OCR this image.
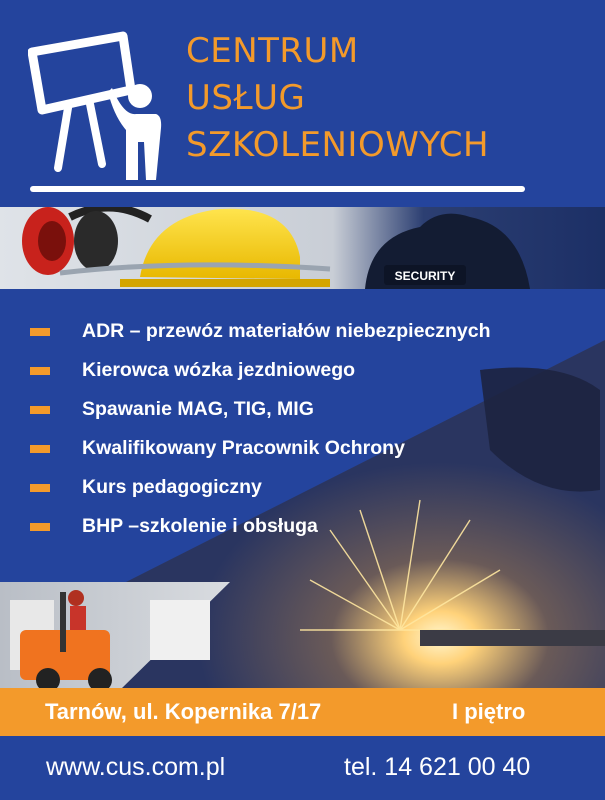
CENTRUM
USŁUG
SZKOLENIOWYCH
SECURITY
ADR – przewóz materiałów niebezpiecznych
Kierowca wózka jezdniowego
Spawanie MAG, TIG, MIG
Kwalifikowany Pracownik Ochrony
Kurs pedagogiczny
BHP –szkolenie i obsługa
Tarnów, ul. Kopernika 7/17	I piętro
www.cus.com.pl	tel. 14 621 00 40
